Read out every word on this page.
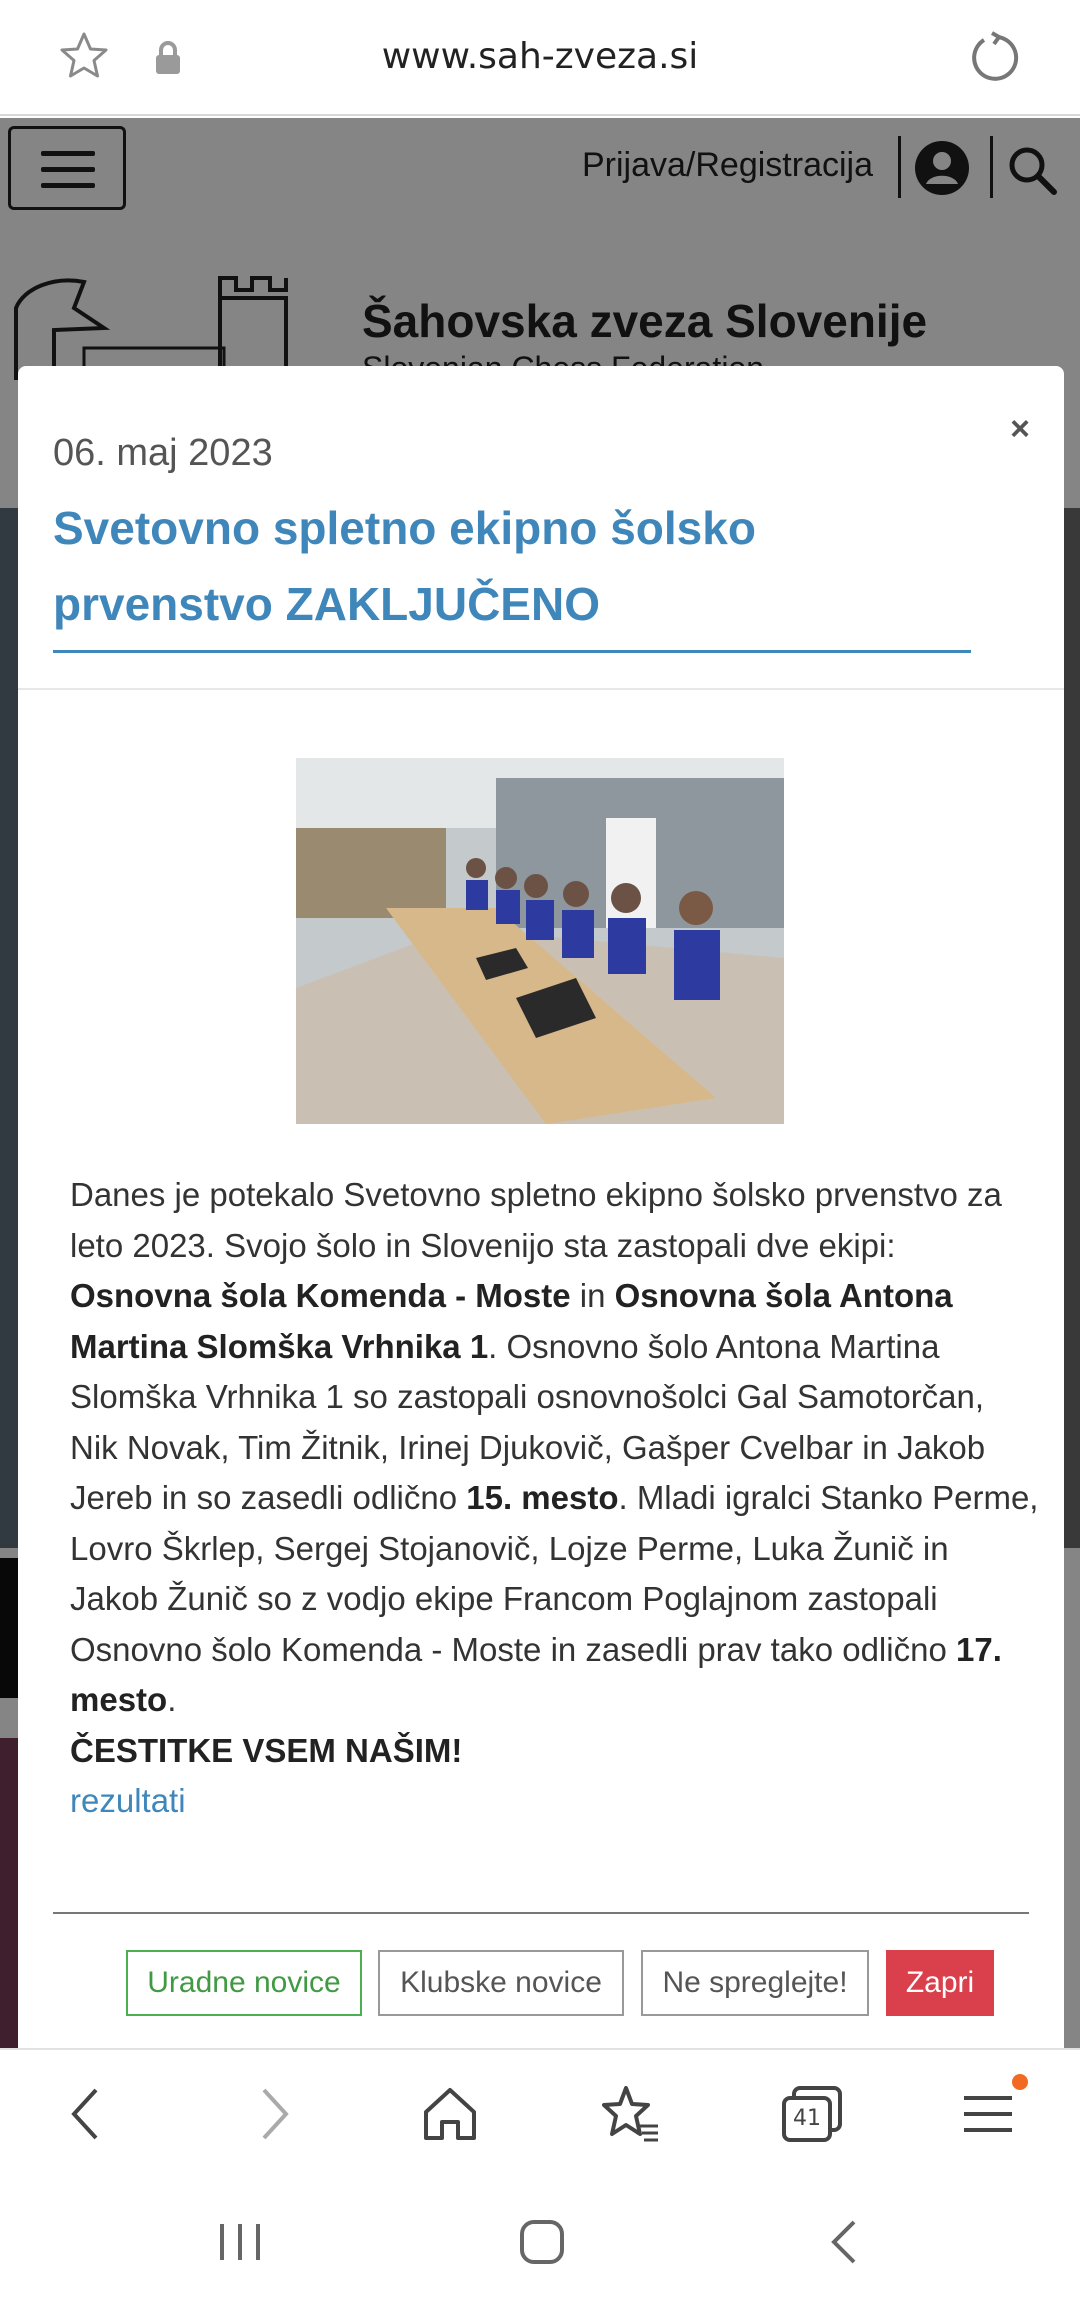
www.sah-zveza.si
Prijava/Registracija
Šahovska zveza Slovenije
×
06. maj 2023
Svetovno spletno ekipno šolsko prvenstvo ZAKLJUČENO
Danes je potekalo Svetovno spletno ekipno šolsko prvenstvo za leto 2023. Svojo šolo in Slovenijo sta zastopali dve ekipi: Osnovna šola Komenda - Moste in Osnovna šola Antona Martina Slomška Vrhnika 1. Osnovno šolo Antona Martina Slomška Vrhnika 1 so zastopali osnovnošolci Gal Samotorčan, Nik Novak, Tim Žitnik, Irinej Djukovič, Gašper Cvelbar in Jakob Jereb in so zasedli odlično 15. mesto. Mladi igralci Stanko Perme, Lovro Škrlep, Sergej Stojanovič, Lojze Perme, Luka Žunič in Jakob Žunič so z vodjo ekipe Francom Poglajnom zastopali Osnovno šolo Komenda - Moste in zasedli prav tako odlično 17. mesto.
ČESTITKE VSEM NAŠIM!
rezultati
Uradne novice	Klubske novice	Ne spreglejte!	Zapri
41
